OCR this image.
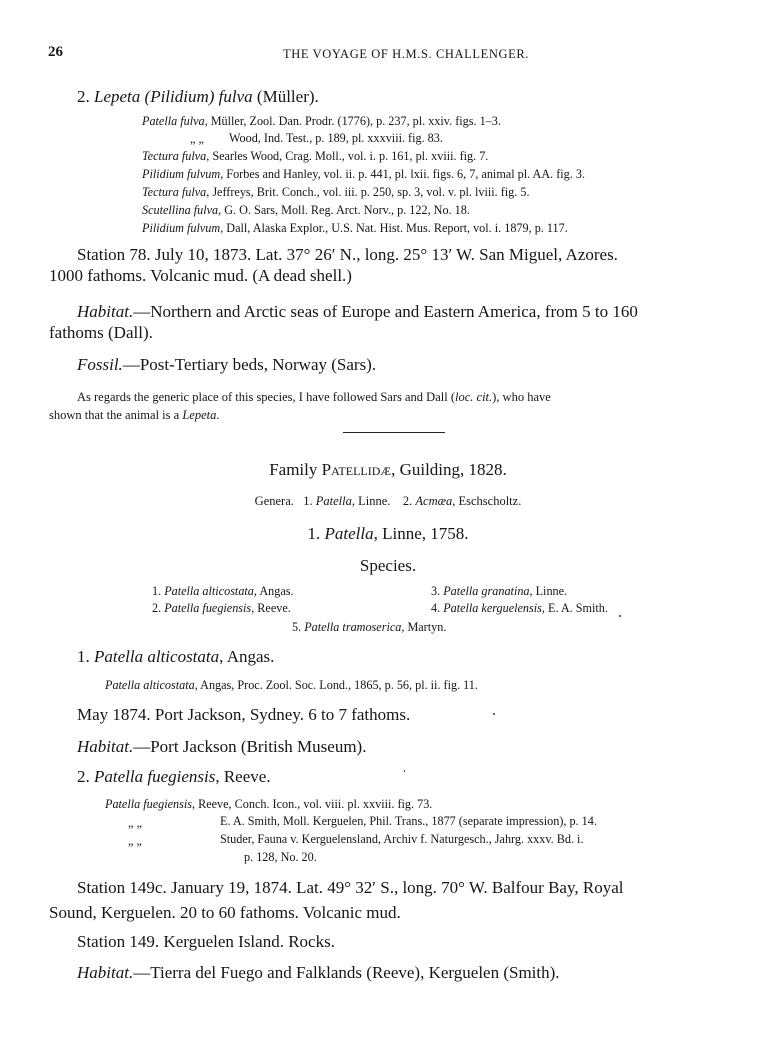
26	THE VOYAGE OF H.M.S. CHALLENGER.
2. Lepeta (Pilidium) fulva (Müller).
Patella fulva, Müller, Zool. Dan. Prodr. (1776), p. 237, pl. xxiv. figs. 1–3.
„ „ Wood, Ind. Test., p. 189, pl. xxxviii. fig. 83.
Tectura fulva, Searles Wood, Crag. Moll., vol. i. p. 161, pl. xviii. fig. 7.
Pilidium fulvum, Forbes and Hanley, vol. ii. p. 441, pl. lxii. figs. 6, 7, animal pl. AA. fig. 3.
Tectura fulva, Jeffreys, Brit. Conch., vol. iii. p. 250, sp. 3, vol. v. pl. lviii. fig. 5.
Scutellina fulva, G. O. Sars, Moll. Reg. Arct. Norv., p. 122, No. 18.
Pilidium fulvum, Dall, Alaska Explor., U.S. Nat. Hist. Mus. Report, vol. i. 1879, p. 117.
Station 78. July 10, 1873. Lat. 37° 26′ N., long. 25° 13′ W. San Miguel, Azores.
1000 fathoms. Volcanic mud. (A dead shell.)
Habitat.—Northern and Arctic seas of Europe and Eastern America, from 5 to 160
fathoms (Dall).
Fossil.—Post-Tertiary beds, Norway (Sars).
As regards the generic place of this species, I have followed Sars and Dall (loc. cit.), who have
shown that the animal is a Lepeta.
Family Patellidæ, Guilding, 1828.
Genera. 1. Patella, Linne. 2. Acmæa, Eschscholtz.
1. Patella, Linne, 1758.
Species.
1. Patella alticostata, Angas.
2. Patella fuegiensis, Reeve.
3. Patella granatina, Linne.
4. Patella kerguelensis, E. A. Smith.
5. Patella tramoserica, Martyn.
1. Patella alticostata, Angas.
Patella alticostata, Angas, Proc. Zool. Soc. Lond., 1865, p. 56, pl. ii. fig. 11.
May 1874. Port Jackson, Sydney. 6 to 7 fathoms.
Habitat.—Port Jackson (British Museum).
2. Patella fuegiensis, Reeve.
Patella fuegiensis, Reeve, Conch. Icon., vol. viii. pl. xxviii. fig. 73.
„ „	E. A. Smith, Moll. Kerguelen, Phil. Trans., 1877 (separate impression), p. 14.
„ „	Studer, Fauna v. Kerguelensland, Archiv f. Naturgesch., Jahrg. xxxv. Bd. i.
p. 128, No. 20.
Station 149c. January 19, 1874. Lat. 49° 32′ S., long. 70° W. Balfour Bay, Royal
Sound, Kerguelen. 20 to 60 fathoms. Volcanic mud.
Station 149. Kerguelen Island. Rocks.
Habitat.—Tierra del Fuego and Falklands (Reeve), Kerguelen (Smith).
